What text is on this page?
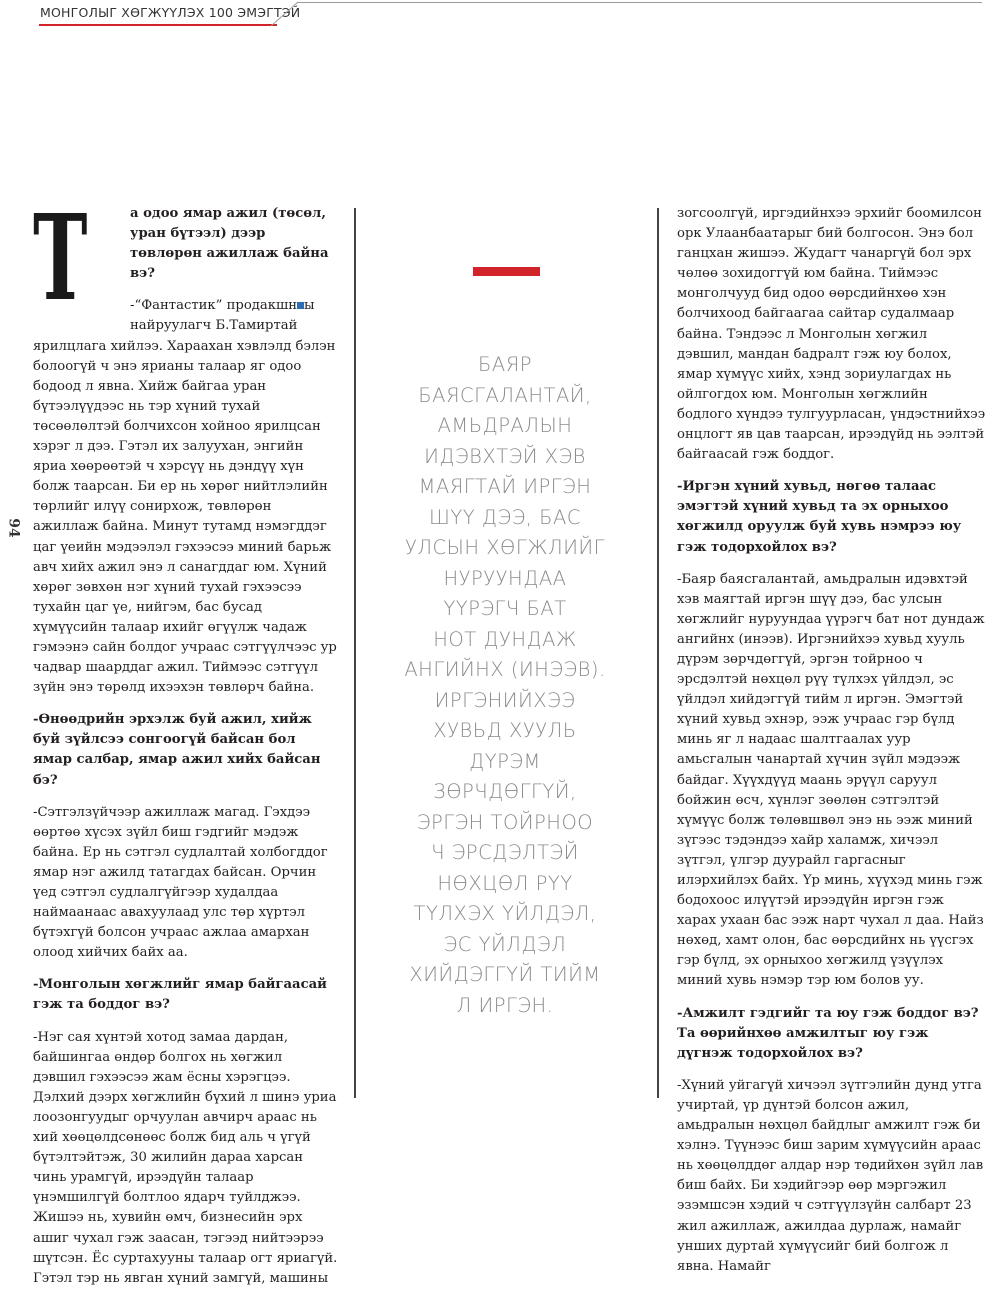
МОНГОЛЫГ ХӨГЖҮҮЛЭХ 100 ЭМЭГТЭЙ
94
Т	а одоо ямар ажил (төсөл, уран бүтээл) дээр төвлөрөн ажиллаж байна вэ?

-“Фантастик” продакшн ы найруулагч Б.Тамиртай ярилцлага хийлээ. Хараахан хэвлэлд бэлэн болоогүй ч энэ ярианы талаар яг одоо бодоод л явна. Хийж байгаа уран бүтээлүүдээс нь тэр хүний тухай төсөөлөлтэй болчихсон хойноо ярилцсан хэрэг л дээ. Гэтэл их залуухан, энгийн яриа хөөрөөтэй ч хэрсүү нь дэндүү хүн болж таарсан. Би ер нь хөрөг нийтлэлийн төрлийг илүү сонирхож, төвлөрөн ажиллаж байна. Минут тутамд нэмэгддэг цаг үеийн мэдээлэл гэхээсээ миний барьж авч хийх ажил энэ л санагддаг юм. Хүний хөрөг зөвхөн нэг хүний тухай гэхээсээ тухайн цаг үе, нийгэм, бас бусад хүмүүсийн талаар ихийг өгүүлж чадаж гэмээнэ сайн болдог учраас сэтгүүлчээс ур чадвар шаарддаг ажил. Тиймээс сэтгүүл зүйн энэ төрөлд ихээхэн төвлөрч байна.

-Өнөөдрийн эрхэлж буй ажил, хийж буй зүйлсээ сонгоогүй байсан бол ямар салбар, ямар ажил хийх байсан бэ?

-Сэтгэлзүйчээр ажиллаж магад. Гэхдээ өөртөө хүсэх зүйл биш гэдгийг мэдэж байна. Ер нь сэтгэл судлалтай холбогддог ямар нэг ажилд татагдах байсан. Орчин үед сэтгэл судлалгүйгээр худалдаа наймаанаас авахуулаад улс төр хүртэл бүтэхгүй болсон учраас ажлаа амархан олоод хийчих байх аа.

-Монголын хөгжлийг ямар байгаасай гэж та боддог вэ?

-Нэг сая хүнтэй хотод замаа дардан, байшингаа өндөр болгох нь хөгжил дэвшил гэхээсээ жам ёсны хэрэгцээ. Дэлхий дээрх хөгжлийн бүхий л шинэ уриа лоозонгуудыг орчуулан авчирч араас нь хий хөөцөлдсөнөөс болж бид аль ч үгүй бүтэлтэйтэж, 30 жилийн дараа харсан чинь урамгүй, ирээдүйн талаар үнэмшилгүй болтлоо ядарч туйлджээ. Жишээ нь, хувийн өмч, бизнесийн эрх ашиг чухал гэж заасан, тэгээд нийтээрээ шүтсэн. Ёс суртахууны талаар огт яриагүй. Гэтэл тэр нь явган хүний замгүй, машины

БАЯР
БАЯСГАЛАНТАЙ,
АМЬДРАЛЫН
ИДЭВХТЭЙ ХЭВ
МАЯГТАЙ ИРГЭН
ШҮҮ ДЭЭ, БАС
УЛСЫН ХӨГЖЛИЙГ
НУРУУНДАА
ҮҮРЭГЧ БАТ
НОТ ДУНДАЖ
АНГИЙНХ (ИНЭЭВ).
ИРГЭНИЙХЭЭ
ХУВЬД ХУУЛЬ
ДҮРЭМ
ЗӨРЧДӨГГҮЙ,
ЭРГЭН ТОЙРНОО
Ч ЭРСДЭЛТЭЙ
НӨХЦӨЛ РҮҮ
ТҮЛХЭХ ҮЙЛДЭЛ,
ЭС ҮЙЛДЭЛ
ХИЙДЭГГҮЙ ТИЙМ
Л ИРГЭН.

зогсоолгүй, иргэдийнхээ эрхийг боомилсон орк Улаанбаатарыг бий болгосон. Энэ бол ганцхан жишээ. Жудагт чанаргүй бол эрх чөлөө зохидоггүй юм байна. Тиймээс монголчууд бид одоо өөрсдийнхөө хэн болчихоод байгаагаа сайтар судалмаар байна. Тэндээс л Монголын хөгжил дэвшил, мандан бадралт гэж юу болох, ямар хүмүүс хийх, хэнд зориулагдах нь ойлгогдох юм. Монголын хөгжлийн бодлого хүндээ тулгуурласан, үндэстнийхээ онцлогт яв цав таарсан, ирээдүйд нь ээлтэй байгаасай гэж боддог.

-Иргэн хүний хувьд, нөгөө талаас эмэгтэй хүний хувьд та эх орныхоо хөгжилд оруулж буй хувь нэмрээ юу гэж тодорхойлох вэ?

-Баяр баясгалантай, амьдралын идэвхтэй хэв маягтай иргэн шүү дээ, бас улсын хөгжлийг нуруундаа үүрэгч бат нот дундаж ангийнх (инээв). Иргэнийхээ хувьд хууль дүрэм зөрчдөггүй, эргэн тойрноо ч эрсдэлтэй нөхцөл рүү түлхэх үйлдэл, эс үйлдэл хийдэггүй тийм л иргэн. Эмэгтэй хүний хувьд эхнэр, ээж учраас гэр бүлд минь яг л надаас шалтгаалах уур амьсгалын чанартай хүчин зүйл мэдээж байдаг. Хүүхдүүд маань эрүүл саруул бойжин өсч, хүнлэг зөөлөн сэтгэлтэй хүмүүс болж төлөвшвөл энэ нь ээж миний зүгээс тэдэндээ хайр халамж, хичээл зүтгэл, үлгэр дуурайл гаргасныг илэрхийлэх байх. Үр минь, хүүхэд минь гэж бодохоос илүүтэй ирээдүйн иргэн гэж харах ухаан бас ээж нарт чухал л даа. Найз нөхөд, хамт олон, бас өөрсдийнх нь үүсгэх гэр бүлд, эх орныхоо хөгжилд үзүүлэх миний хувь нэмэр тэр юм болов уу.

-Амжилт гэдгийг та юу гэж боддог вэ? Та өөрийнхөө амжилтыг юу гэж дүгнэж тодорхойлох вэ?

-Хүний уйгагүй хичээл зүтгэлийн дунд утга учиртай, үр дүнтэй болсон ажил, амьдралын нөхцөл байдлыг амжилт гэж би хэлнэ. Түүнээс биш зарим хүмүүсийн араас нь хөөцөлддөг алдар нэр төдийхөн зүйл лав биш байх. Би хэдийгээр өөр мэргэжил эзэмшсэн хэдий ч сэтгүүлзүйн салбарт 23 жил ажиллаж, ажилдаа дурлаж, намайг унших дуртай хүмүүсийг бий болгож л явна. Намайг
